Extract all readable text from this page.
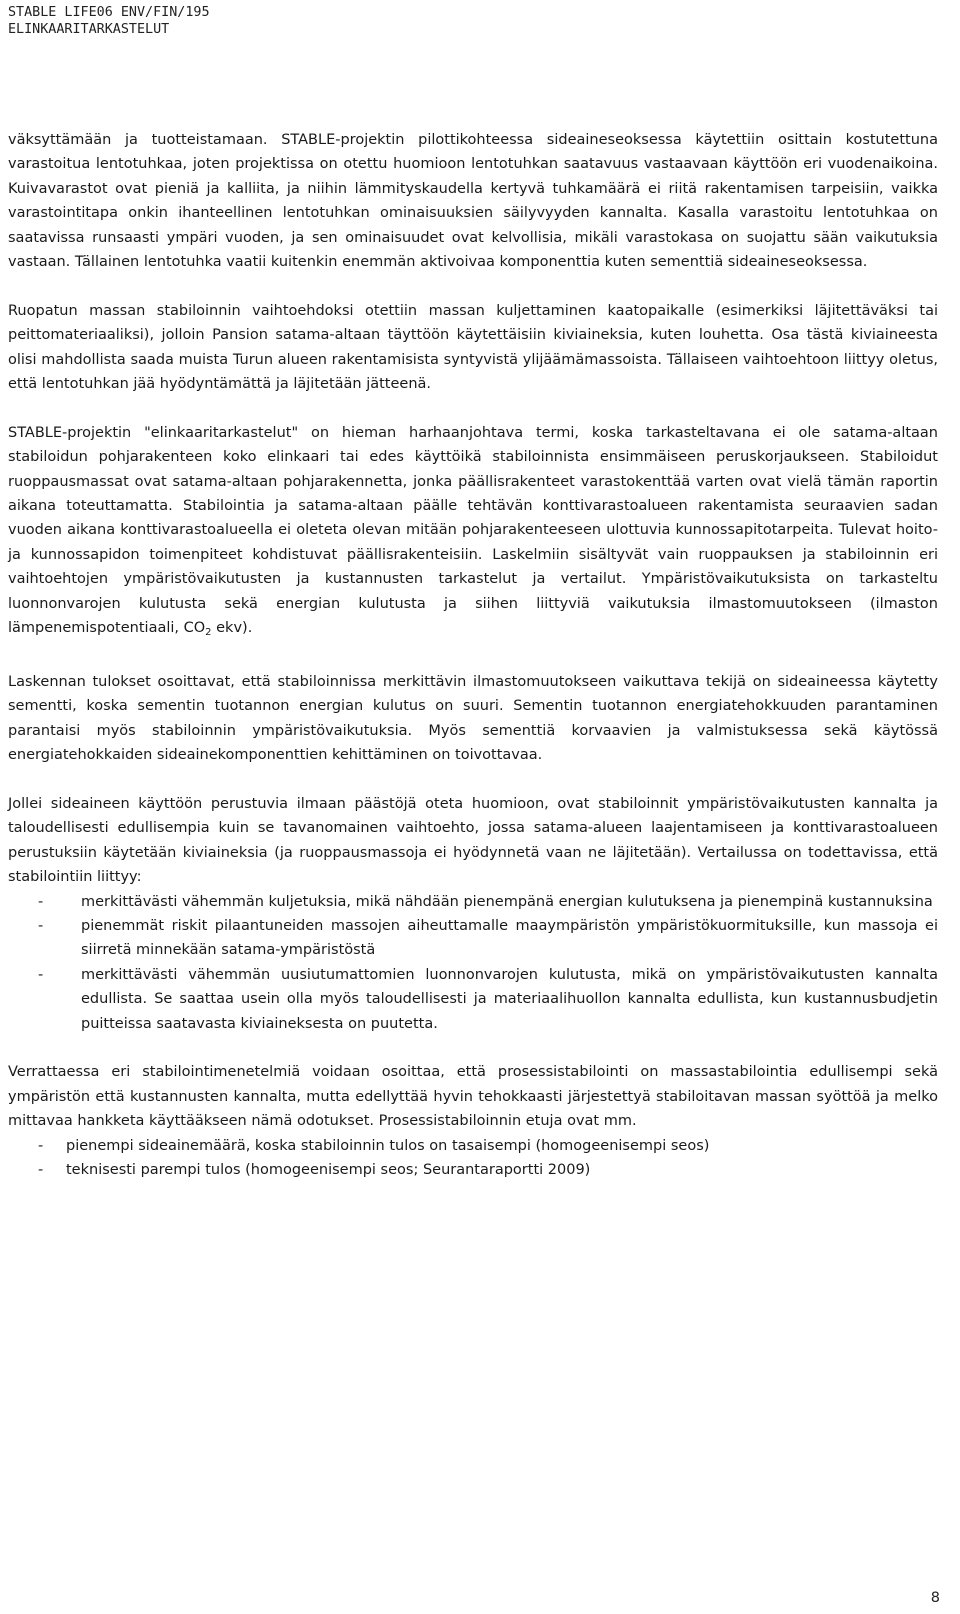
STABLE LIFE06 ENV/FIN/195
ELINKAARITARKASTELUT

väksyttämään ja tuotteistamaan. STABLE-projektin pilottikohteessa sideaineseoksessa käytettiin osittain kostutettuna varastoitua lentotuhkaa, joten projektissa on otettu huomioon lentotuhkan saatavuus vastaavaan käyttöön eri vuodenaikoina. Kuivavarastot ovat pieniä ja kalliita, ja niihin lämmityskaudella kertyvä tuhkamäärä ei riitä rakentamisen tarpeisiin, vaikka varastointitapa onkin ihanteellinen lentotuhkan ominaisuuksien säilyvyyden kannalta. Kasalla varastoitu lentotuhkaa on saatavissa runsaasti ympäri vuoden, ja sen ominaisuudet ovat kelvollisia, mikäli varastokasa on suojattu sään vaikutuksia vastaan. Tällainen lentotuhka vaatii kuitenkin enemmän aktivoivaa komponenttia kuten sementtiä sideaineseoksessa.

Ruopatun massan stabiloinnin vaihtoehdoksi otettiin massan kuljettaminen kaatopaikalle (esimerkiksi läjitettäväksi tai peittomateriaaliksi), jolloin Pansion satama-altaan täyttöön käytettäisiin kiviaineksia, kuten louhetta. Osa tästä kiviaineesta olisi mahdollista saada muista Turun alueen rakentamisista syntyvistä ylijäämämassoista. Tällaiseen vaihtoehtoon liittyy oletus, että lentotuhkan jää hyödyntämättä ja läjitetään jätteenä.

STABLE-projektin "elinkaaritarkastelut" on hieman harhaanjohtava termi, koska tarkasteltavana ei ole satama-altaan stabiloidun pohjarakenteen koko elinkaari tai edes käyttöikä stabiloinnista ensimmäiseen peruskorjaukseen. Stabiloidut ruoppausmassat ovat satama-altaan pohjarakennetta, jonka päällisrakenteet varastokenttää varten ovat vielä tämän raportin aikana toteuttamatta. Stabilointia ja satama-altaan päälle tehtävän konttivarastoalueen rakentamista seuraavien sadan vuoden aikana konttivarastoalueella ei oleteta olevan mitään pohjarakenteeseen ulottuvia kunnossapitotarpeita. Tulevat hoito- ja kunnossapidon toimenpiteet kohdistuvat päällisrakenteisiin. Laskelmiin sisältyvät vain ruoppauksen ja stabiloinnin eri vaihtoehtojen ympäristövaikutusten ja kustannusten tarkastelut ja vertailut. Ympäristövaikutuksista on tarkasteltu luonnonvarojen kulutusta sekä energian kulutusta ja siihen liittyviä vaikutuksia ilmastomuutokseen (ilmaston lämpenemispotentiaali, $CO_2$ ekv).

Laskennan tulokset osoittavat, että stabiloinnissa merkittävin ilmastomuutokseen vaikuttava tekijä on sideaineessa käytetty sementti, koska sementin tuotannon energian kulutus on suuri. Sementin tuotannon energiatehokkuuden parantaminen parantaisi myös stabiloinnin ympäristövaikutuksia. Myös sementtiä korvaavien ja valmistuksessa sekä käytössä energiatehokkaiden sideainekomponenttien kehittäminen on toivottavaa.

Jollei sideaineen käyttöön perustuvia ilmaan päästöjä oteta huomioon, ovat stabiloinnit ympäristövaikutusten kannalta ja taloudellisesti edullisempia kuin se tavanomainen vaihtoehto, jossa satama-alueen laajentamiseen ja konttivarastoalueen perustuksiin käytetään kiviaineksia (ja ruoppausmassoja ei hyödynnetä vaan ne läjitetään). Vertailussa on todettavissa, että stabilointiin liittyy:

-	merkittävästi vähemmän kuljetuksia, mikä nähdään pienempänä energian kulutuksena ja pienempinä kustannuksina
-	pienemmät riskit pilaantuneiden massojen aiheuttamalle maaympäristön ympäristökuormituksille, kun massoja ei siirretä minnekään satama-ympäristöstä
-	merkittävästi vähemmän uusiutumattomien luonnonvarojen kulutusta, mikä on ympäristövaikutusten kannalta edullista. Se saattaa usein olla myös taloudellisesti ja materiaalihuollon kannalta edullista, kun kustannusbudjetin puitteissa saatavasta kiviaineksesta on puutetta.

Verrattaessa eri stabilointimenetelmiä voidaan osoittaa, että prosessistabilointi on massastabilointia edullisempi sekä ympäristön että kustannusten kannalta, mutta edellyttää hyvin tehokkaasti järjestettyä stabiloitavan massan syöttöä ja melko mittavaa hankketa käyttääkseen nämä odotukset. Prosessistabiloinnin etuja ovat mm.

- pienempi sideainemäärä, koska stabiloinnin tulos on tasaisempi (homogeenisempi seos)
- teknisesti parempi tulos (homogeenisempi seos; Seurantaraportti 2009)
8
